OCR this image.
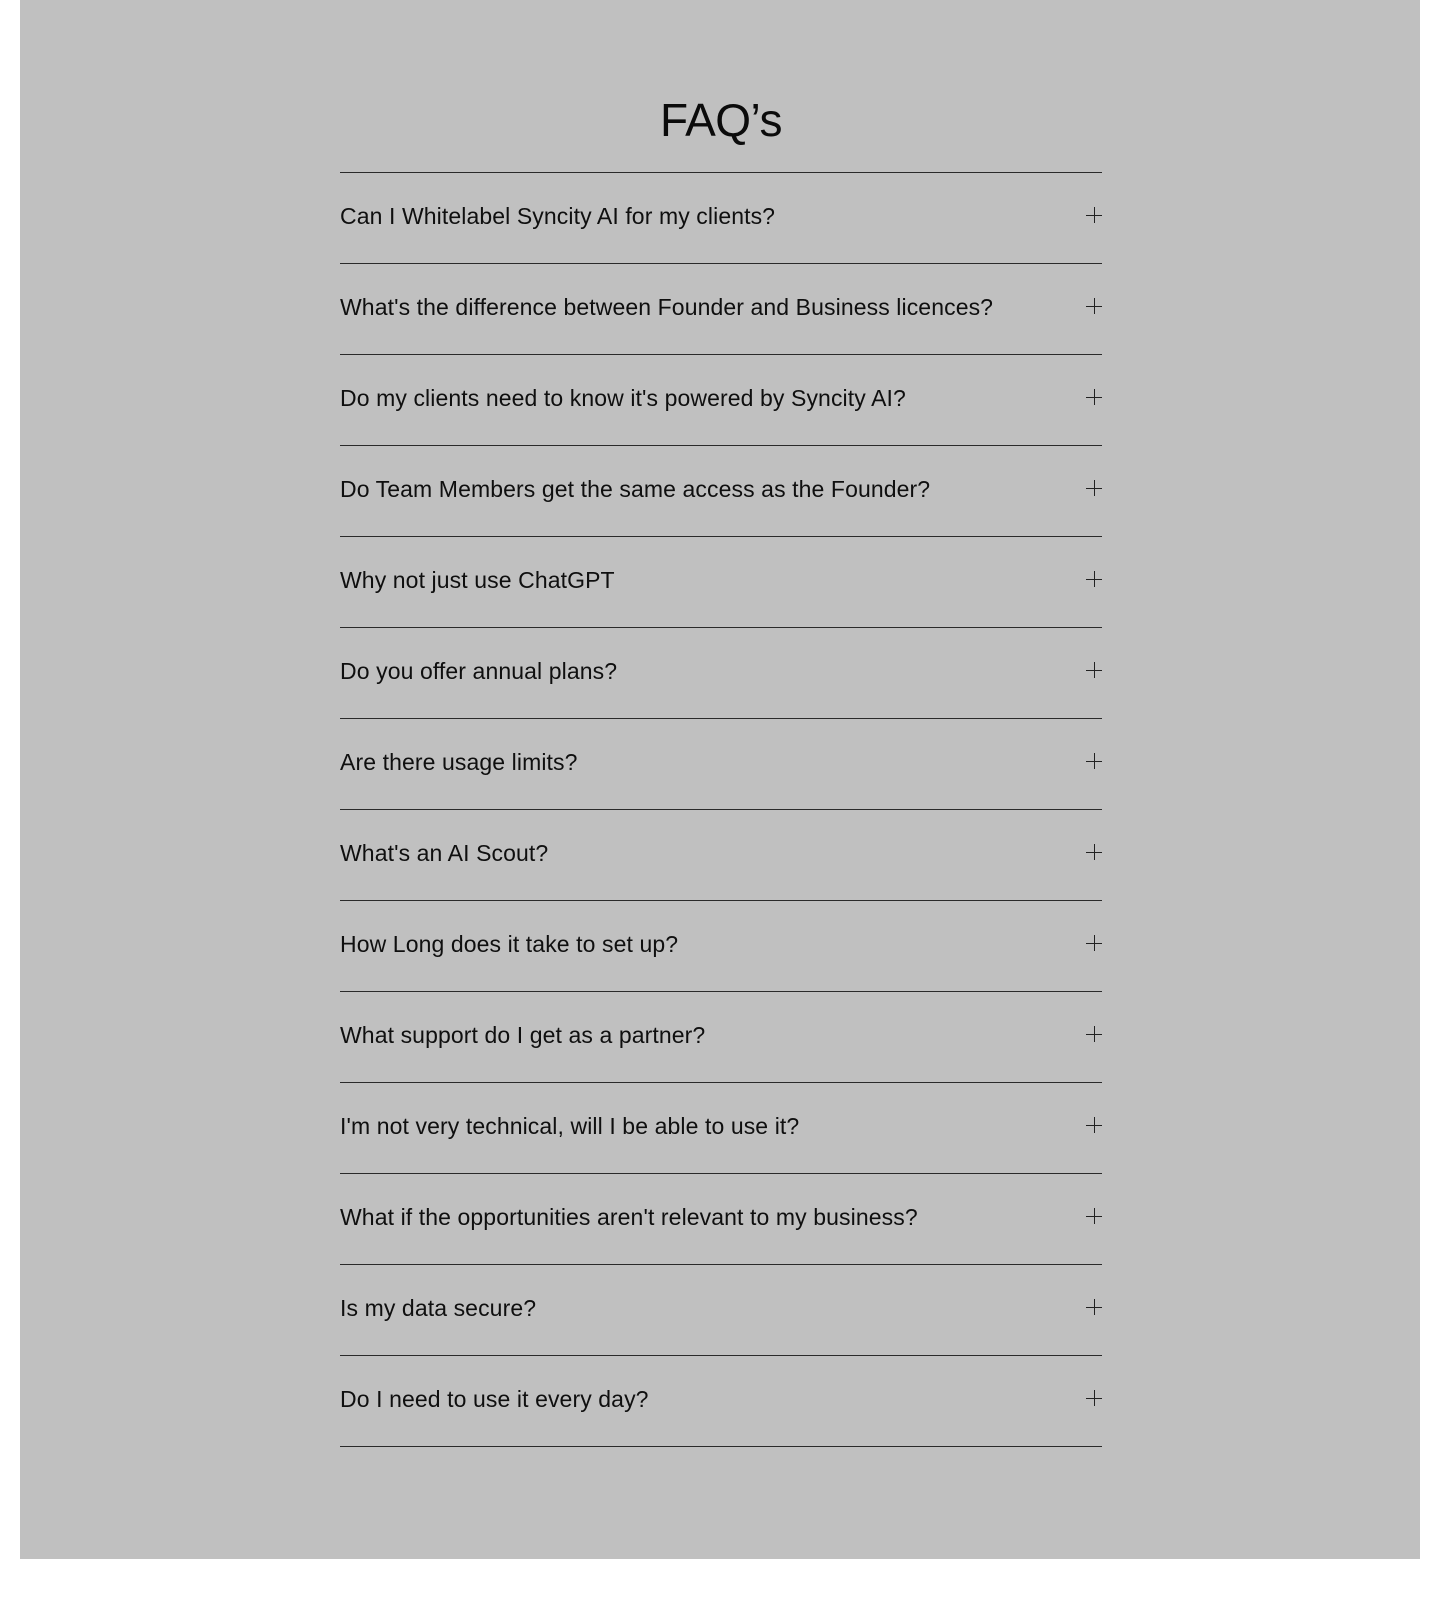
FAQ’s
Can I Whitelabel Syncity AI for my clients?
What's the difference between Founder and Business licences?
Do my clients need to know it's powered by Syncity AI?
Do Team Members get the same access as the Founder?
Why not just use ChatGPT
Do you offer annual plans?
Are there usage limits?
What's an AI Scout?
How Long does it take to set up?
What support do I get as a partner?
I'm not very technical, will I be able to use it?
What if the opportunities aren't relevant to my business?
Is my data secure?
Do I need to use it every day?
